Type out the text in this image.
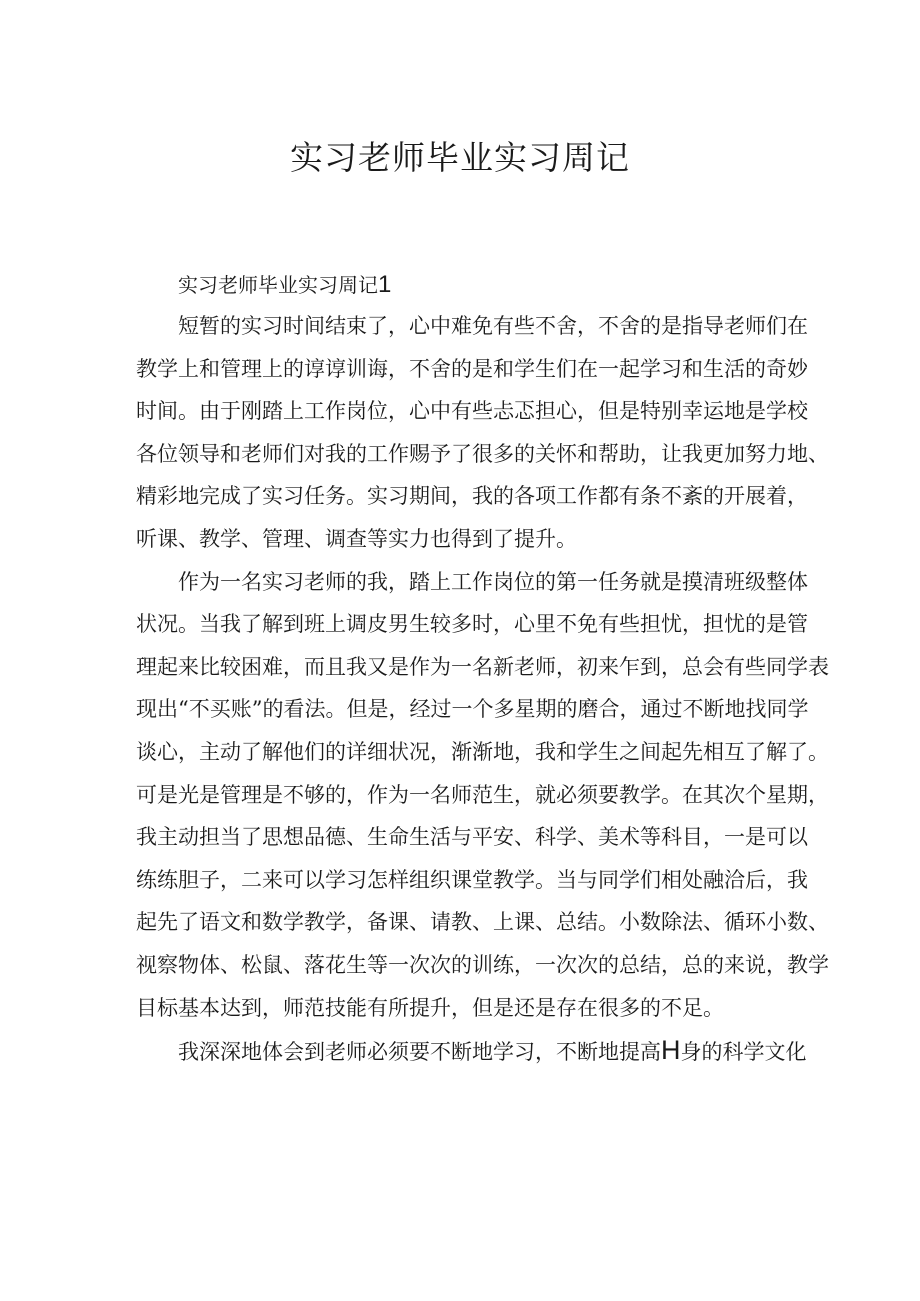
实习老师毕业实习周记

实习老师毕业实习周记1

短暂的实习时间结束了，心中难免有些不舍，不舍的是指导老师们在
教学上和管理上的谆谆训诲，不舍的是和学生们在一起学习和生活的奇妙
时间。由于刚踏上工作岗位，心中有些忐忑担心，但是特别幸运地是学校
各位领导和老师们对我的工作赐予了很多的关怀和帮助，让我更加努力地、
精彩地完成了实习任务。实习期间，我的各项工作都有条不紊的开展着，
听课、教学、管理、调查等实力也得到了提升。

作为一名实习老师的我，踏上工作岗位的第一任务就是摸清班级整体
状况。当我了解到班上调皮男生较多时，心里不免有些担忧，担忧的是管
理起来比较困难，而且我又是作为一名新老师，初来乍到，总会有些同学表
现出“不买账”的看法。但是，经过一个多星期的磨合，通过不断地找同学
谈心，主动了解他们的详细状况，渐渐地，我和学生之间起先相互了解了。
可是光是管理是不够的，作为一名师范生，就必须要教学。在其次个星期，
我主动担当了思想品德、生命生活与平安、科学、美术等科目，一是可以
练练胆子，二来可以学习怎样组织课堂教学。当与同学们相处融洽后，我
起先了语文和数学教学，备课、请教、上课、总结。小数除法、循环小数、
视察物体、松鼠、落花生等一次次的训练，一次次的总结，总的来说，教学
目标基本达到，师范技能有所提升，但是还是存在很多的不足。

我深深地体会到老师必须要不断地学习，不断地提高H身的科学文化
